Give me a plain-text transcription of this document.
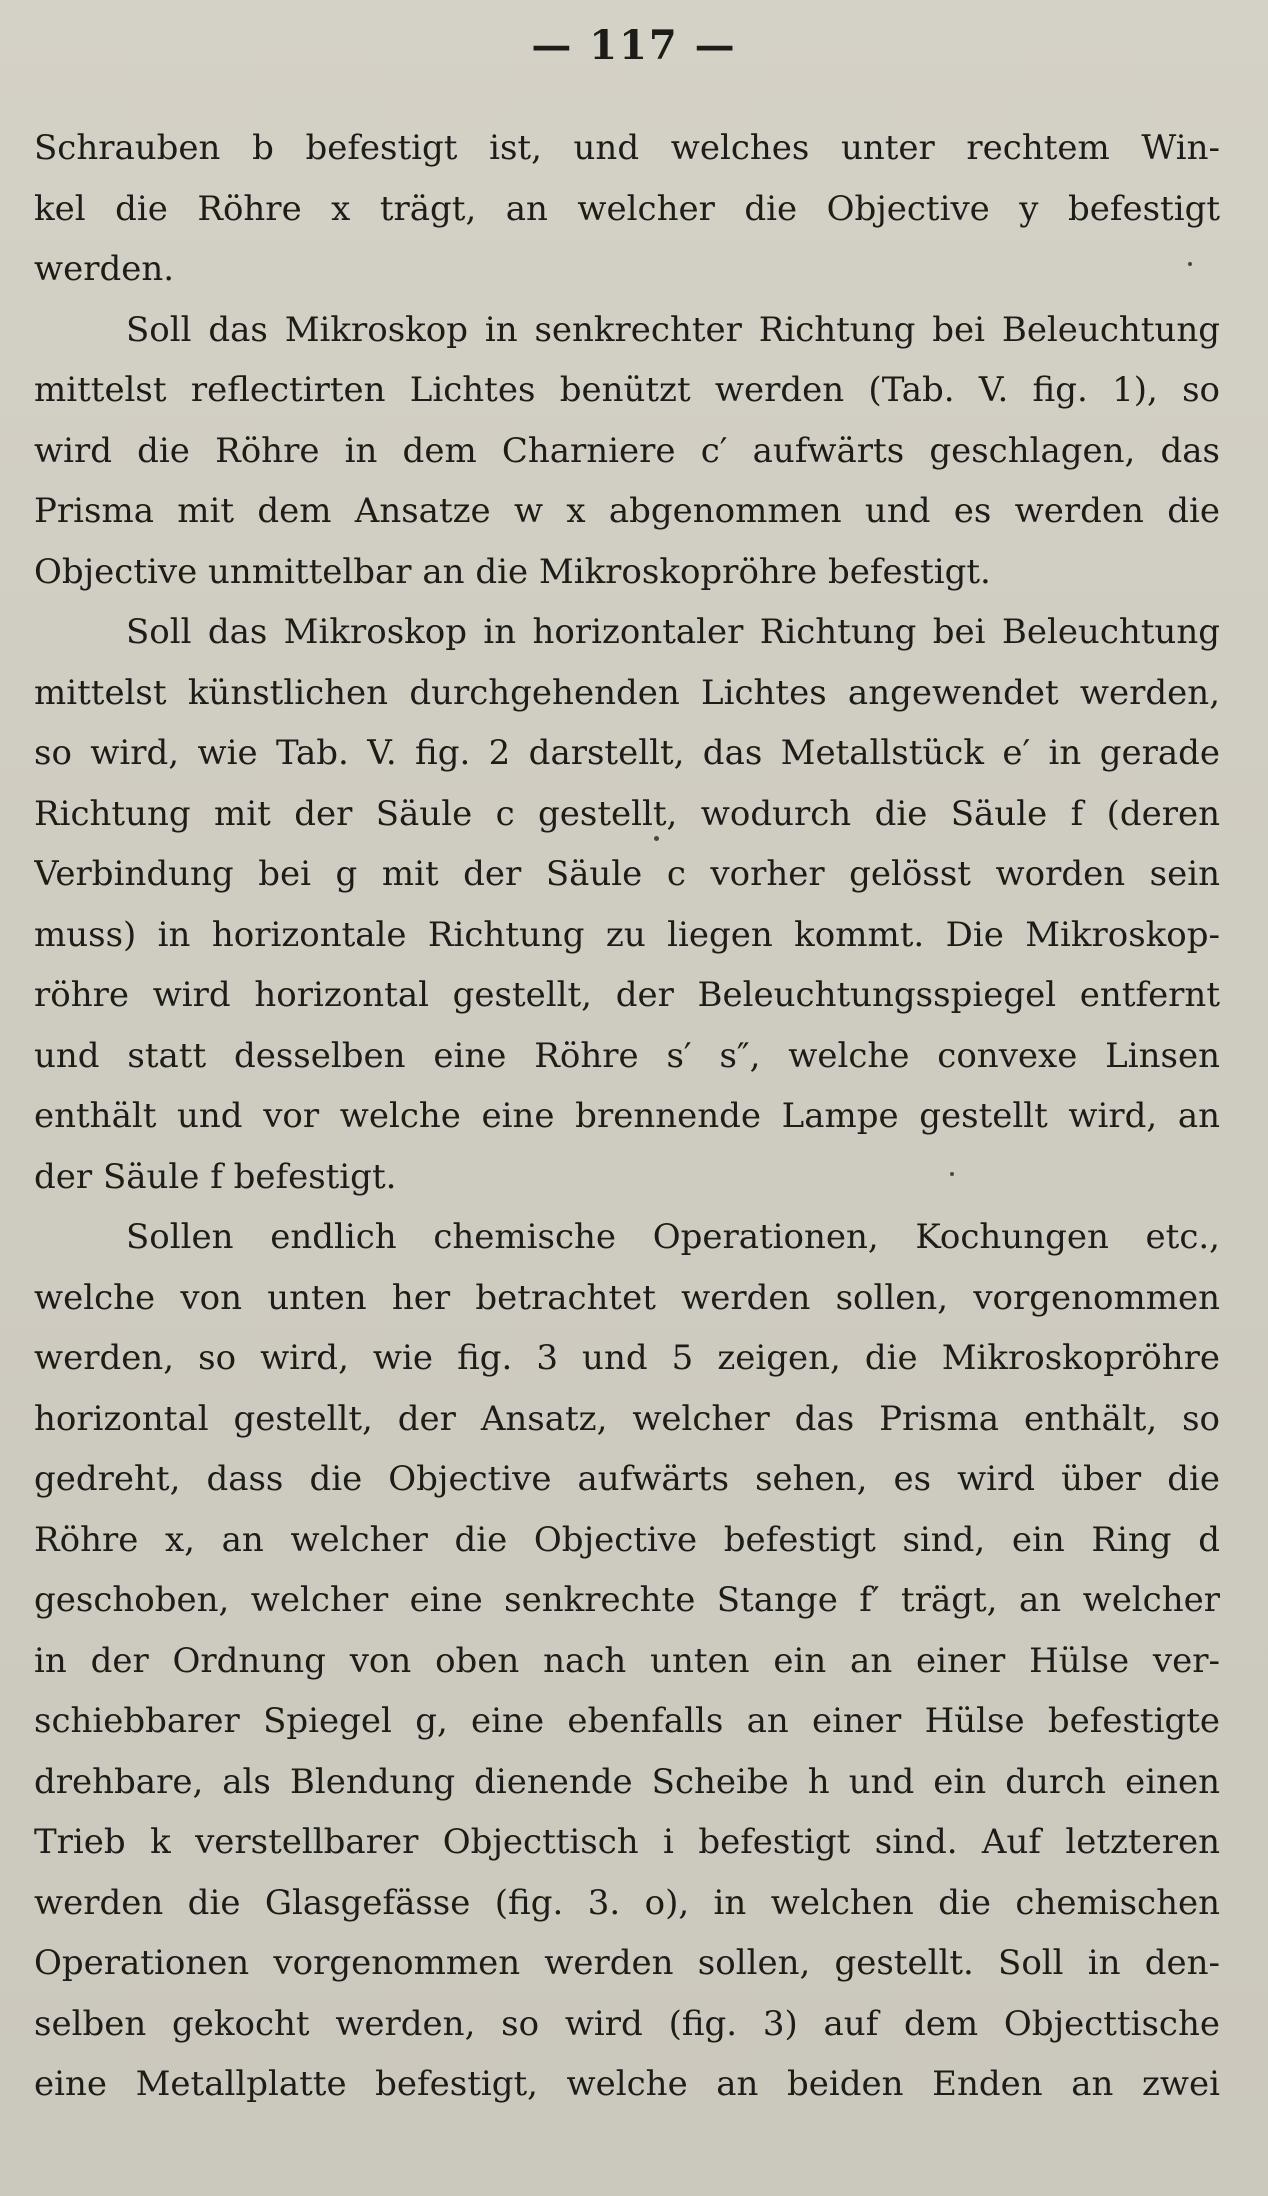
— 117 —
Schrauben b befestigt ist, und welches unter rechtem Win-
kel die Röhre x trägt, an welcher die Objective y befestigt
werden.
Soll das Mikroskop in senkrechter Richtung bei Beleuchtung
mittelst reflectirten Lichtes benützt werden (Tab. V. fig. 1), so
wird die Röhre in dem Charniere c′ aufwärts geschlagen, das
Prisma mit dem Ansatze w x abgenommen und es werden die
Objective unmittelbar an die Mikroskopröhre befestigt.
Soll das Mikroskop in horizontaler Richtung bei Beleuchtung
mittelst künstlichen durchgehenden Lichtes angewendet werden,
so wird, wie Tab. V. fig. 2 darstellt, das Metallstück e′ in gerade
Richtung mit der Säule c gestellt, wodurch die Säule f (deren
Verbindung bei g mit der Säule c vorher gelösst worden sein
muss) in horizontale Richtung zu liegen kommt. Die Mikroskop-
röhre wird horizontal gestellt, der Beleuchtungsspiegel entfernt
und statt desselben eine Röhre s′ s″, welche convexe Linsen
enthält und vor welche eine brennende Lampe gestellt wird, an
der Säule f befestigt.
Sollen endlich chemische Operationen, Kochungen etc.,
welche von unten her betrachtet werden sollen, vorgenommen
werden, so wird, wie fig. 3 und 5 zeigen, die Mikroskopröhre
horizontal gestellt, der Ansatz, welcher das Prisma enthält, so
gedreht, dass die Objective aufwärts sehen, es wird über die
Röhre x, an welcher die Objective befestigt sind, ein Ring d
geschoben, welcher eine senkrechte Stange f′ trägt, an welcher
in der Ordnung von oben nach unten ein an einer Hülse ver-
schiebbarer Spiegel g, eine ebenfalls an einer Hülse befestigte
drehbare, als Blendung dienende Scheibe h und ein durch einen
Trieb k verstellbarer Objecttisch i befestigt sind. Auf letzteren
werden die Glasgefässe (fig. 3. o), in welchen die chemischen
Operationen vorgenommen werden sollen, gestellt. Soll in den-
selben gekocht werden, so wird (fig. 3) auf dem Objecttische
eine Metallplatte befestigt, welche an beiden Enden an zwei
